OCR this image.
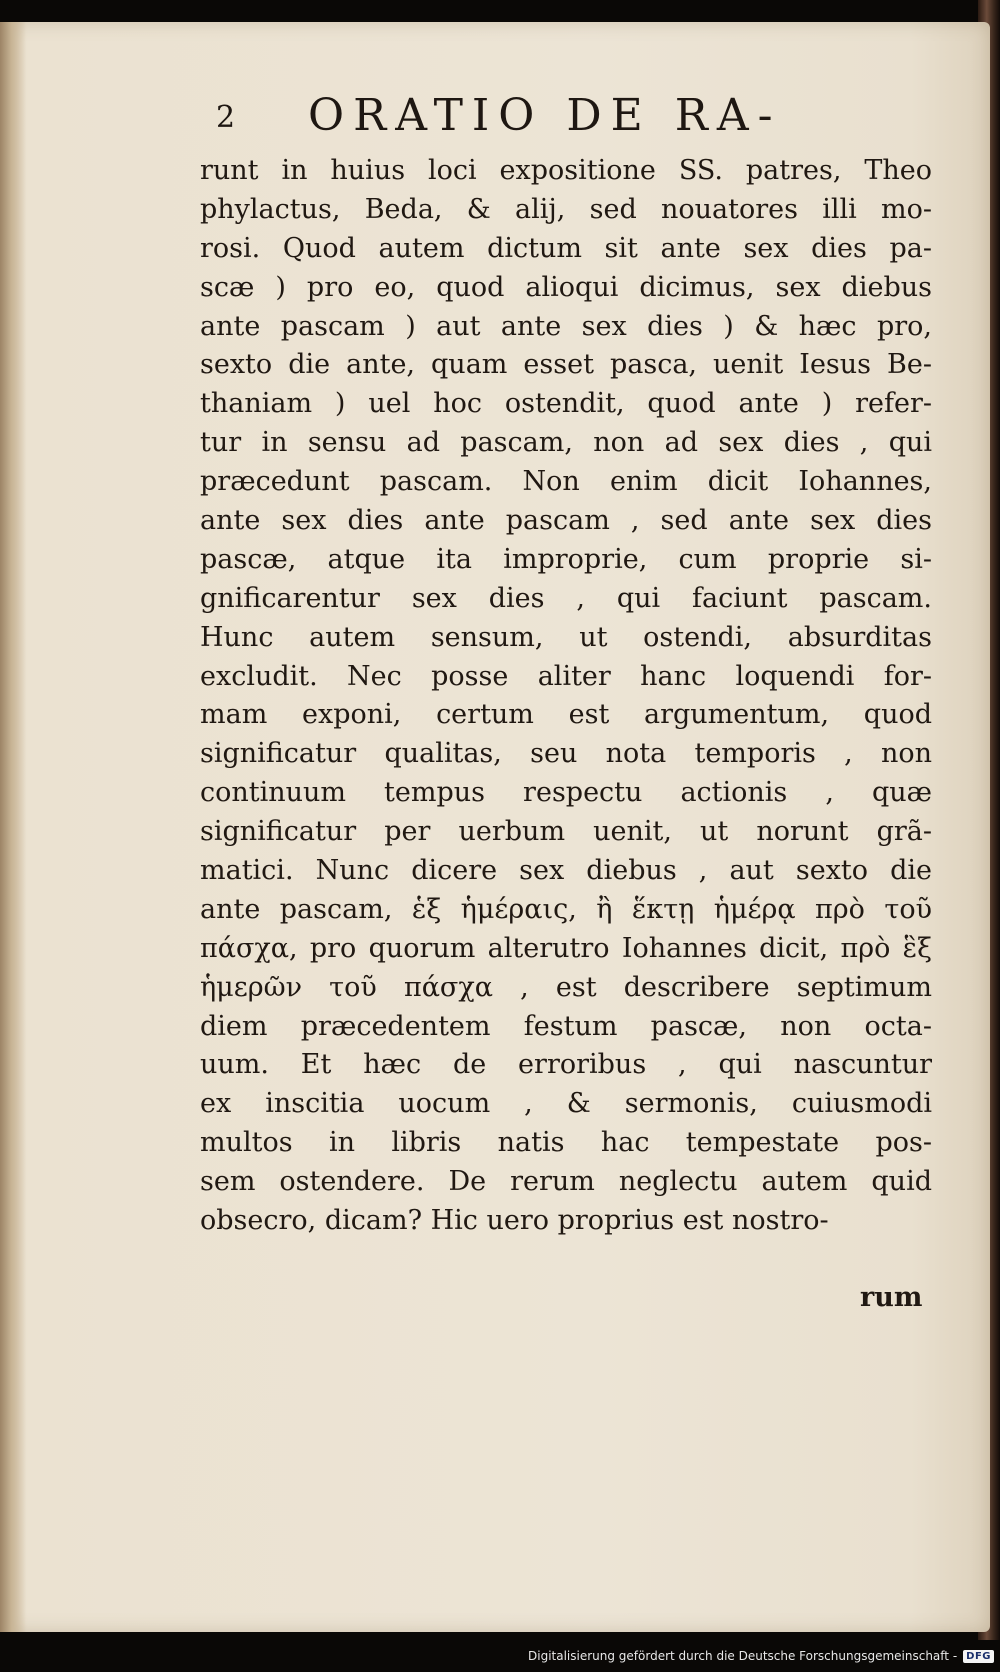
2 ORATIO DE RA-
runt in huius loci expositione SS. patres, Theo
phylactus, Beda, & alij, sed nouatores illi mo-
rosi. Quod autem dictum sit ante sex dies pa-
scæ ) pro eo, quod alioqui dicimus, sex diebus
ante pascam ) aut ante sex dies ) & hæc pro,
sexto die ante, quam esset pasca, uenit Iesus Be-
thaniam ) uel hoc ostendit, quod ante ) refer-
tur in sensu ad pascam, non ad sex dies , qui
præcedunt pascam. Non enim dicit Iohannes,
ante sex dies ante pascam , sed ante sex dies
pascæ, atque ita improprie, cum proprie si-
gnificarentur sex dies , qui faciunt pascam.
Hunc autem sensum, ut ostendi, absurditas
excludit. Nec posse aliter hanc loquendi for-
mam exponi, certum est argumentum, quod
significatur qualitas, seu nota temporis , non
continuum tempus respectu actionis , quæ
significatur per uerbum uenit, ut norunt grã-
matici. Nunc dicere sex diebus , aut sexto die
ante pascam, ἑξ ἡμέραις, ἢ ἕκτῃ ἡμέρᾳ πρὸ τοῦ
πάσχα, pro quorum alterutro Iohannes dicit, πρὸ ἓξ
ἡμερῶν τοῦ πάσχα , est describere septimum
diem præcedentem festum pascæ, non octa-
uum. Et hæc de erroribus , qui nascuntur
ex inscitia uocum , & sermonis, cuiusmodi
multos in libris natis hac tempestate pos-
sem ostendere. De rerum neglectu autem quid
obsecro, dicam? Hic uero proprius est nostro-
rum
Digitalisierung gefördert durch die Deutsche Forschungsgemeinschaft - DFG
